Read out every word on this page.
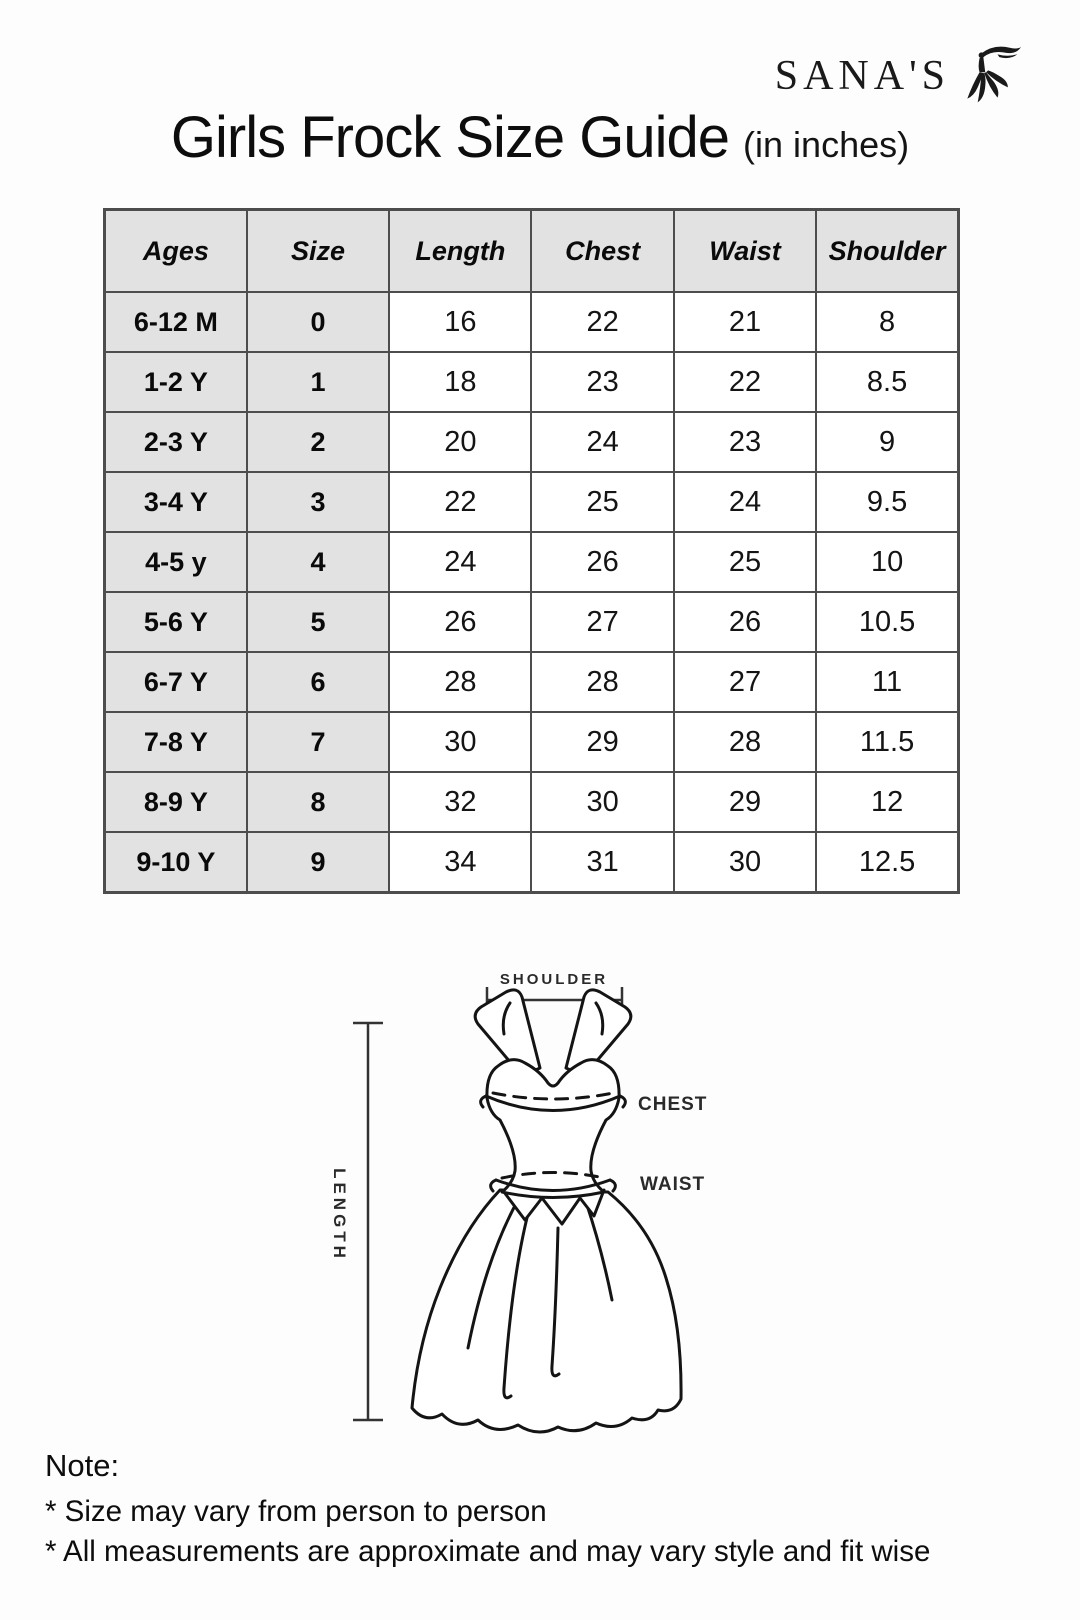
SANA'S
Girls Frock Size Guide (in inches)
Ages	Size	Length	Chest	Waist	Shoulder
6-12 M	0	16	22	21	8
1-2 Y	1	18	23	22	8.5
2-3 Y	2	20	24	23	9
3-4 Y	3	22	25	24	9.5
4-5 y	4	24	26	25	10
5-6 Y	5	26	27	26	10.5
6-7 Y	6	28	28	27	11
7-8 Y	7	30	29	28	11.5
8-9 Y	8	32	30	29	12
9-10 Y	9	34	31	30	12.5
SHOULDER
LENGTH
CHEST
WAIST
Note:
* Size may vary from person to person
* All measurements are approximate and may vary style and fit wise
